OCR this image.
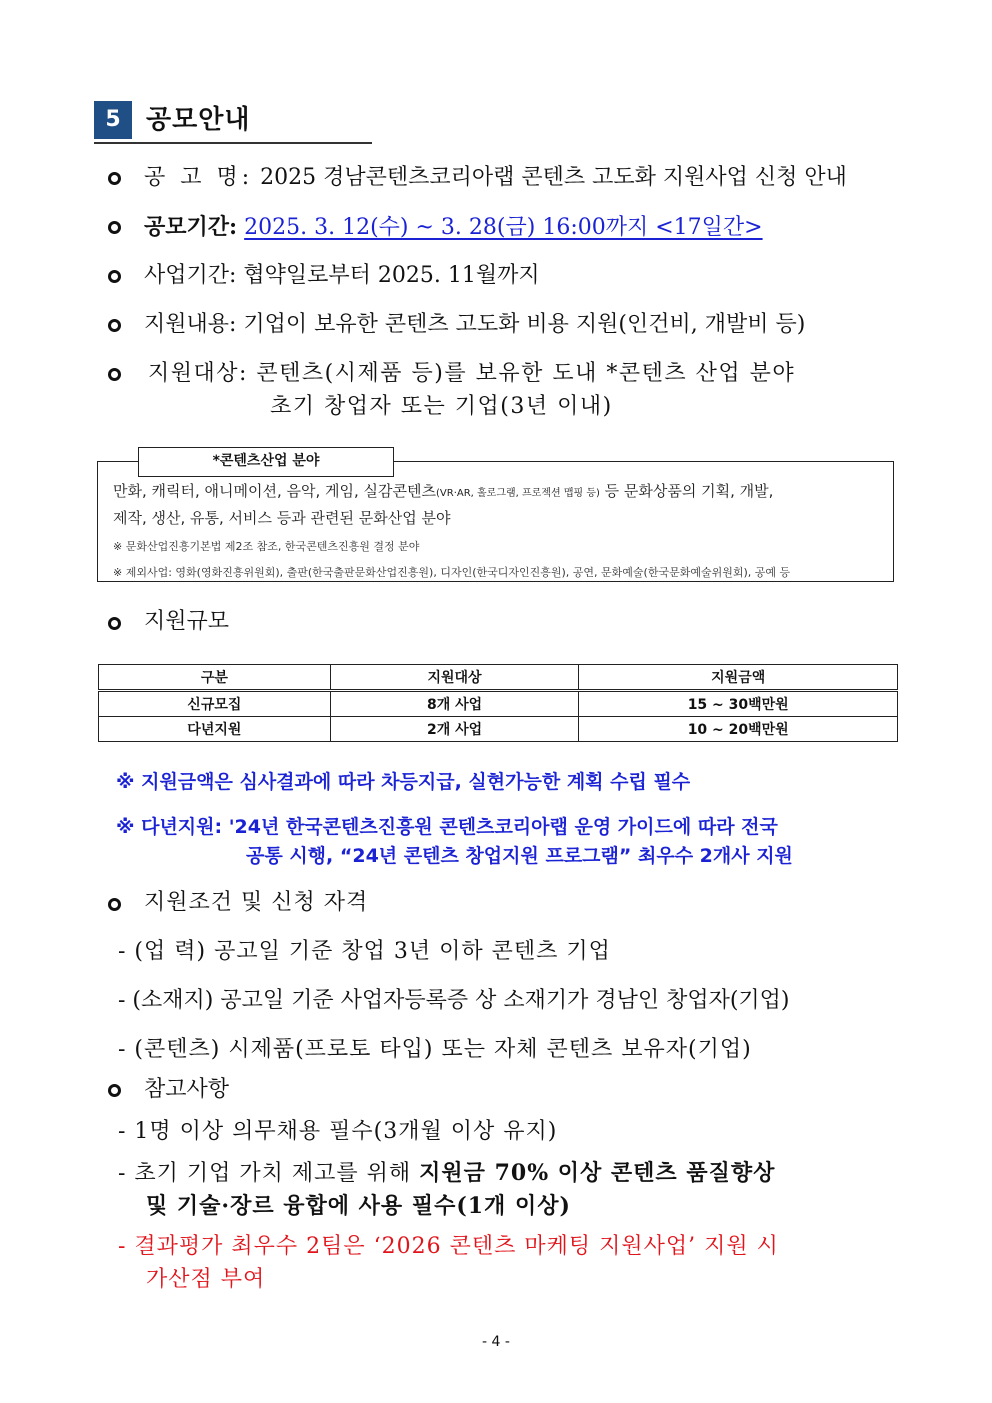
5 공모안내
공 고 명: 2025 경남콘텐츠코리아랩 콘텐츠 고도화 지원사업 신청 안내
공모기간: 2025. 3. 12(수) ~ 3. 28(금) 16:00까지 <17일간>
사업기간: 협약일로부터 2025. 11월까지
지원내용: 기업이 보유한 콘텐츠 고도화 비용 지원(인건비, 개발비 등)
지원대상: 콘텐츠(시제품 등)를 보유한 도내 *콘텐츠 산업 분야
초기 창업자 또는 기업(3년 이내)
*콘텐츠산업 분야
만화, 캐릭터, 애니메이션, 음악, 게임, 실감콘텐츠(VR·AR, 홀로그램, 프로젝션 맵핑 등) 등 문화상품의 기획, 개발,
제작, 생산, 유통, 서비스 등과 관련된 문화산업 분야
※ 문화산업진흥기본법 제2조 참조, 한국콘텐츠진흥원 결정 분야
※ 제외사업: 영화(영화진흥위원회), 출판(한국출판문화산업진흥원), 디자인(한국디자인진흥원), 공연, 문화예술(한국문화예술위원회), 공예 등
지원규모
구분	지원대상	지원금액
신규모집	8개 사업	15 ~ 30백만원
다년지원	2개 사업	10 ~ 20백만원
※ 지원금액은 심사결과에 따라 차등지급, 실현가능한 계획 수립 필수
※ 다년지원: '24년 한국콘텐츠진흥원 콘텐츠코리아랩 운영 가이드에 따라 전국
공통 시행, “24년 콘텐츠 창업지원 프로그램” 최우수 2개사 지원
지원조건 및 신청 자격
- (업 력) 공고일 기준 창업 3년 이하 콘텐츠 기업
- (소재지) 공고일 기준 사업자등록증 상 소재기가 경남인 창업자(기업)
- (콘텐츠) 시제품(프로토 타입) 또는 자체 콘텐츠 보유자(기업)
참고사항
- 1명 이상 의무채용 필수(3개월 이상 유지)
- 초기 기업 가치 제고를 위해 지원금 70% 이상 콘텐츠 품질향상
및 기술·장르 융합에 사용 필수(1개 이상)
- 결과평가 최우수 2팀은 ‘2026 콘텐츠 마케팅 지원사업’ 지원 시
가산점 부여
- 4 -
